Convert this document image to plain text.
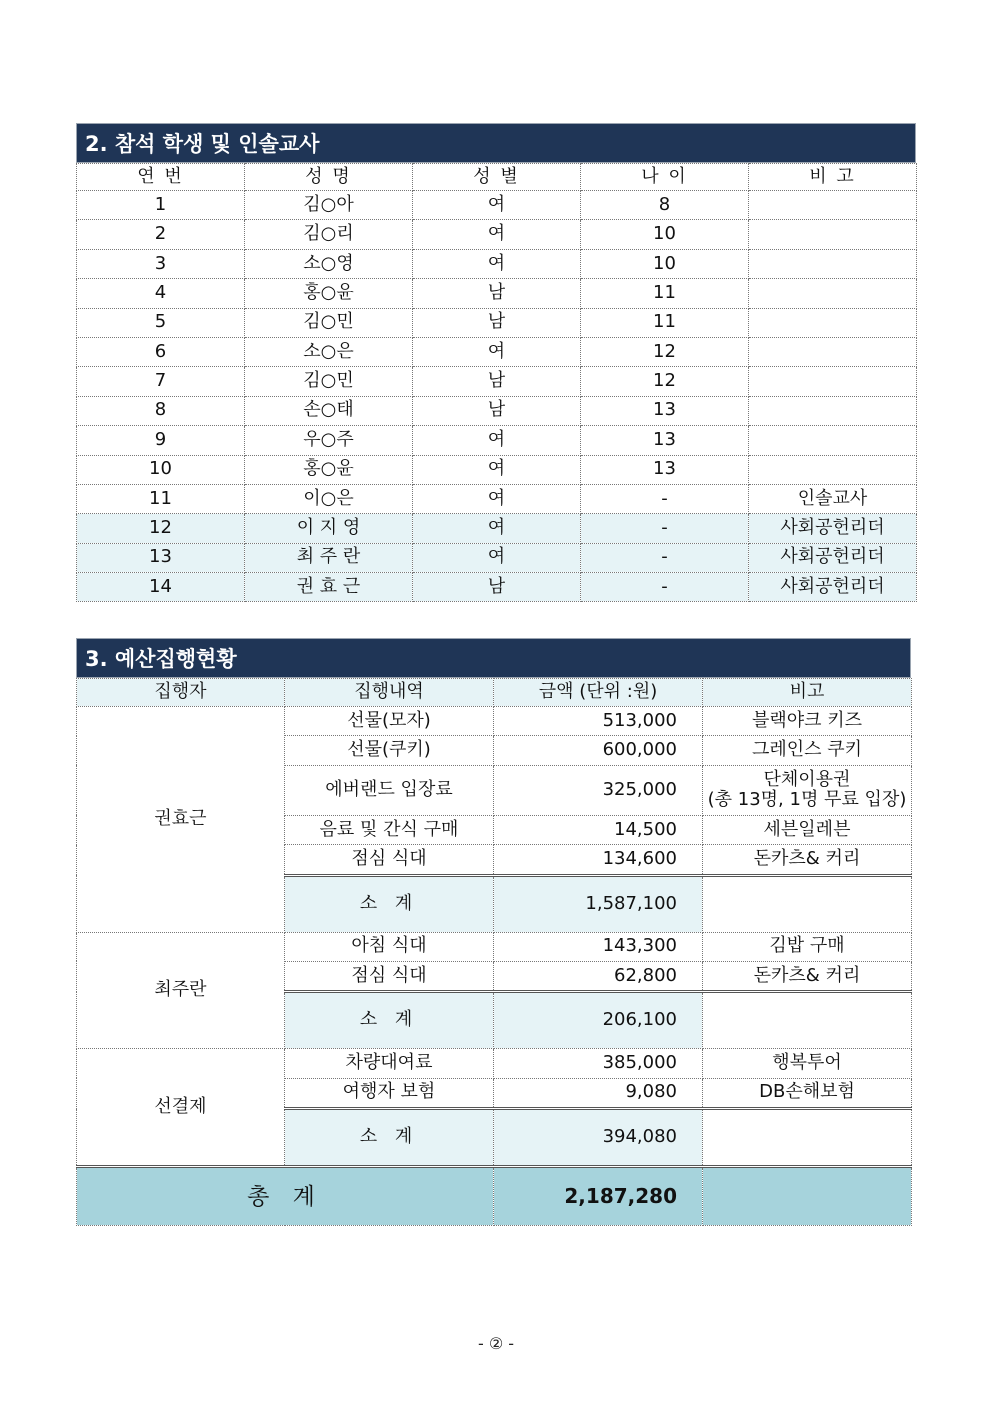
2. 참석 학생 및 인솔교사
연 번	성 명	성 별	나 이	비 고
1	김○아	여	8	
2	김○리	여	10	
3	소○영	여	10	
4	홍○윤	남	11	
5	김○민	남	11	
6	소○은	여	12	
7	김○민	남	12	
8	손○태	남	13	
9	우○주	여	13	
10	홍○윤	여	13	
11	이○은	여	-	인솔교사
12	이 지 영	여	-	사회공헌리더
13	최 주 란	여	-	사회공헌리더
14	권 효 근	남	-	사회공헌리더
3. 예산집행현황
집행자	집행내역	금액 (단위 :원)	비고
권효근	선물(모자)	513,000	블랙야크 키즈
	선물(쿠키)	600,000	그레인스 쿠키
	에버랜드 입장료	325,000	단체이용권
(총 13명, 1명 무료 입장)

	음료 및 간식 구매	14,500	세븐일레븐
	점심 식대	134,600	돈카츠& 커리
	소 계	1,587,100	
최주란	아침 식대	143,300	김밥 구매
	점심 식대	62,800	돈카츠& 커리
	소 계	206,100	
선결제	차량대여료	385,000	행복투어
	여행자 보험	9,080	DB손해보험
	소 계	394,080	
총 계		2,187,280	
- ② -
